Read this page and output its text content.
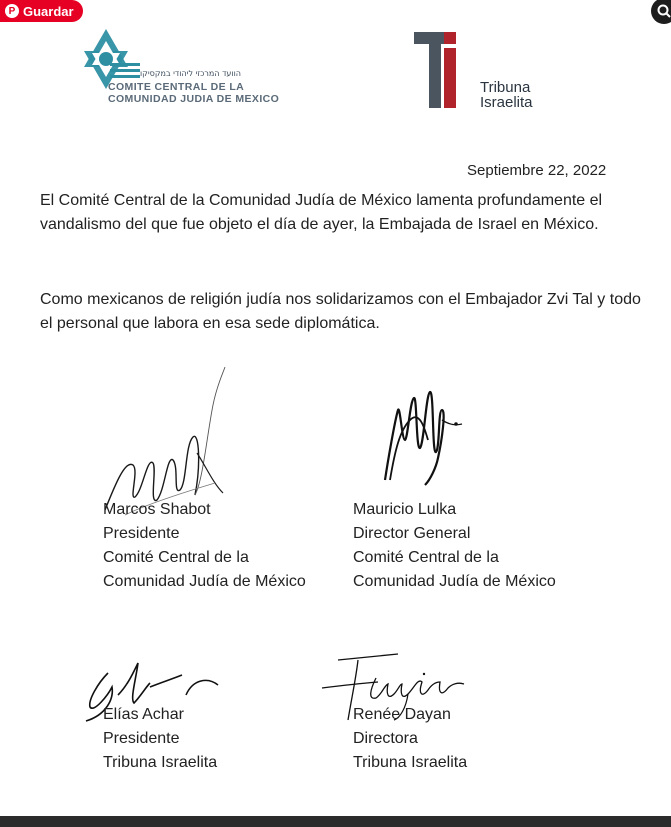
P Guardar
הוועד המרכזי ליהודי במקסיקו
COMITE CENTRAL DE LA
COMUNIDAD JUDIA DE MEXICO
Tribuna
Israelita
Septiembre 22, 2022

El Comité Central de la Comunidad Judía de México lamenta profundamente el vandalismo del que fue objeto el día de ayer, la Embajada de Israel en México.

Como mexicanos de religión judía nos solidarizamos con el Embajador Zvi Tal y todo el personal que labora en esa sede diplomática.

Marcos Shabot
Presidente
Comité Central de la
Comunidad Judía de México
Mauricio Lulka
Director General
Comité Central de la
Comunidad Judía de México
Elías Achar
Presidente
Tribuna Israelita
Renée Dayan
Directora
Tribuna Israelita
